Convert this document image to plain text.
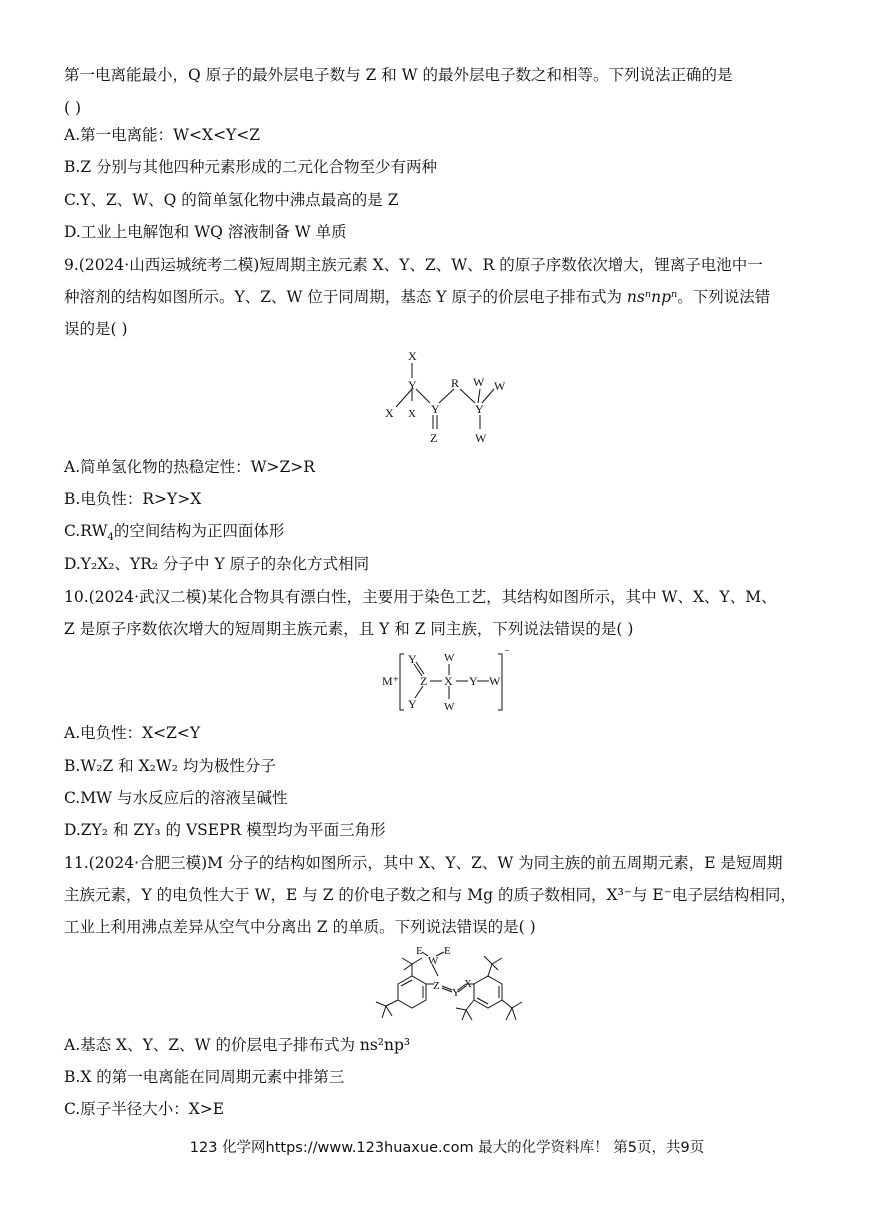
第一电离能最小，Q 原子的最外层电子数与 Z 和 W 的最外层电子数之和相等。下列说法正确的是
( )
A.第一电离能：W<X<Y<Z
B.Z 分别与其他四种元素形成的二元化合物至少有两种
C.Y、Z、W、Q 的简单氢化物中沸点最高的是 Z
D.工业上电解饱和 WQ 溶液制备 W 单质
9.(2024·山西运城统考二模)短周期主族元素 X、Y、Z、W、R 的原子序数依次增大，锂离子电池中一
种溶剂的结构如图所示。Y、Z、W 位于同周期，基态 Y 原子的价层电子排布式为 nsⁿnpⁿ。下列说法错
误的是( )
X
Y
X X Y
R W W
Y
W
Z
A.简单氢化物的热稳定性：W>Z>R
B.电负性：R>Y>X
$C.RW_4$的空间结构为正四面体形
D.Y₂X₂、YR₂ 分子中 Y 原子的杂化方式相同
10.(2024·武汉二模)某化合物具有漂白性，主要用于染色工艺，其结构如图所示，其中 W、X、Y、M、
Z 是原子序数依次增大的短周期主族元素，且 Y 和 Z 同主族，下列说法错误的是( )
M⁺
Y
Z
Y
W
X
W
Y W
⁻
A.电负性：X<Z<Y
B.W₂Z 和 X₂W₂ 均为极性分子
C.MW 与水反应后的溶液呈碱性
D.ZY₂ 和 ZY₃ 的 VSEPR 模型均为平面三角形
11.(2024·合肥三模)M 分子的结构如图所示，其中 X、Y、Z、W 为同主族的前五周期元素，E 是短周期
主族元素，Y 的电负性大于 W，E 与 Z 的价电子数之和与 Mg 的质子数相同，X³⁻与 E⁻电子层结构相同，
工业上利用沸点差异从空气中分离出 Z 的单质。下列说法错误的是( )
E
W
E
Z
Y
X
A.基态 X、Y、Z、W 的价层电子排布式为 ns²np³
B.X 的第一电离能在同周期元素中排第三
C.原子半径大小：X>E
123 化学网https://www.123huaxue.com 最大的化学资料库！ 第5页，共9页
